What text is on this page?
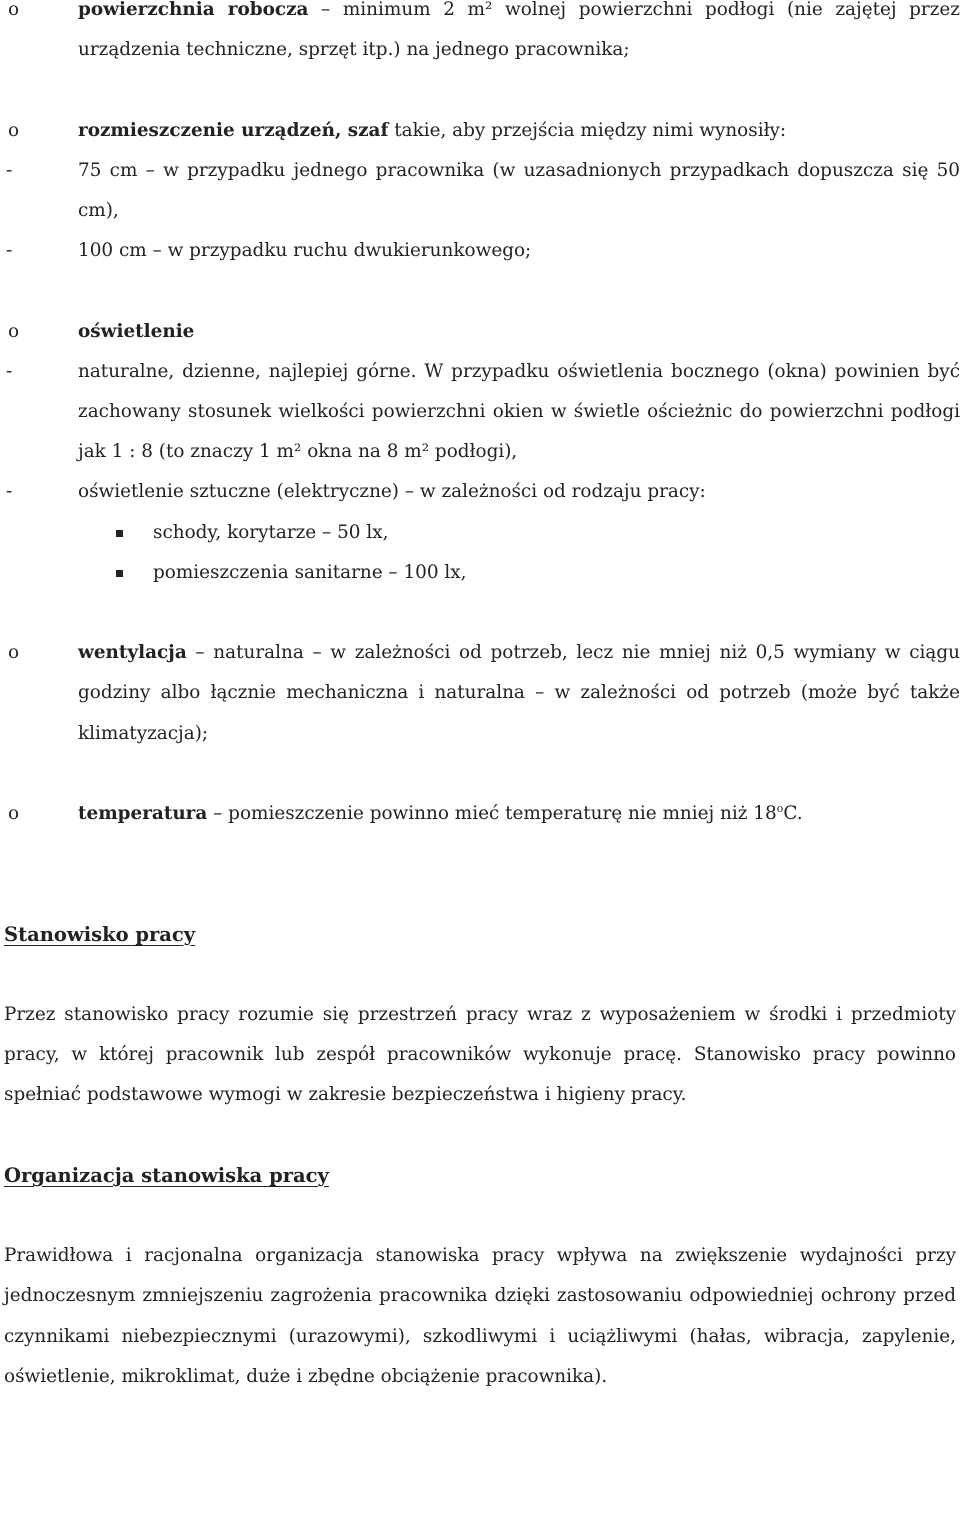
o	powierzchnia robocza – minimum 2 m² wolnej powierzchni podłogi (nie zajętej przez urządzenia techniczne, sprzęt itp.) na jednego pracownika;

o	rozmieszczenie urządzeń, szaf takie, aby przejścia między nimi wynosiły:

-	75 cm – w przypadku jednego pracownika (w uzasadnionych przypadkach dopuszcza się 50 cm),

-	100 cm – w przypadku ruchu dwukierunkowego;

o	oświetlenie

-	naturalne, dzienne, najlepiej górne. W przypadku oświetlenia bocznego (okna) powinien być zachowany stosunek wielkości powierzchni okien w świetle ościeżnic do powierzchni podłogi jak 1 : 8 (to znaczy 1 m² okna na 8 m² podłogi),

-	oświetlenie sztuczne (elektryczne) – w zależności od rodzaju pracy:

schody, korytarze – 50 lx,

pomieszczenia sanitarne – 100 lx,

o	wentylacja – naturalna – w zależności od potrzeb, lecz nie mniej niż 0,5 wymiany w ciągu godziny albo łącznie mechaniczna i naturalna – w zależności od potrzeb (może być także klimatyzacja);

o	temperatura – pomieszczenie powinno mieć temperaturę nie mniej niż 18$^o$C.

Stanowisko pracy

Przez stanowisko pracy rozumie się przestrzeń pracy wraz z wyposażeniem w środki i przedmioty pracy, w której pracownik lub zespół pracowników wykonuje pracę. Stanowisko pracy powinno spełniać podstawowe wymogi w zakresie bezpieczeństwa i higieny pracy.

Organizacja stanowiska pracy

Prawidłowa i racjonalna organizacja stanowiska pracy wpływa na zwiększenie wydajności przy jednoczesnym zmniejszeniu zagrożenia pracownika dzięki zastosowaniu odpowiedniej ochrony przed czynnikami niebezpiecznymi (urazowymi), szkodliwymi i uciążliwymi (hałas, wibracja, zapylenie, oświetlenie, mikroklimat, duże i zbędne obciążenie pracownika).
